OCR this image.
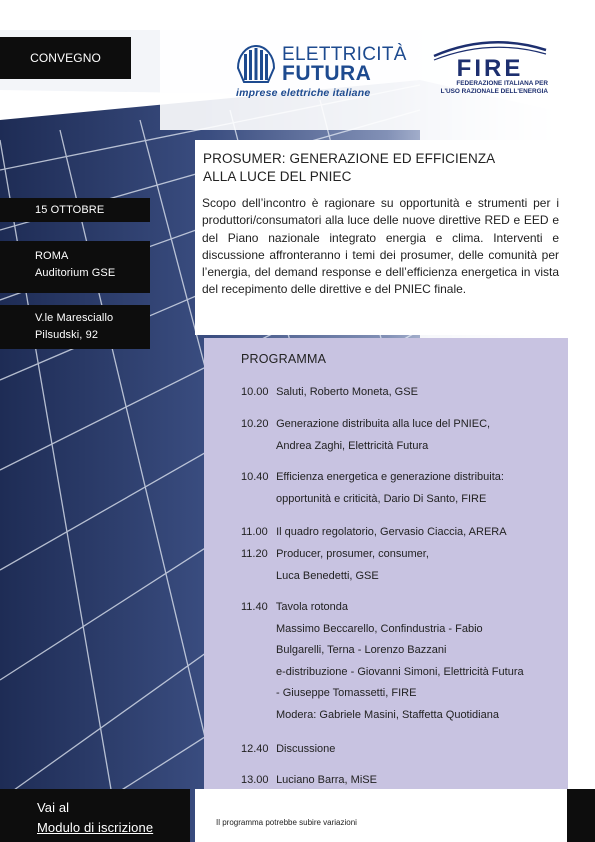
CONVEGNO
15 OTTOBRE
ROMA
Auditorium GSE
V.le Maresciallo
Pilsudski, 92
ELETTRICITÀ
FUTURA
imprese elettriche italiane
FIRE
FEDERAZIONE ITALIANA PER
L'USO RAZIONALE DELL'ENERGIA
PROSUMER: GENERAZIONE ED EFFICIENZA
ALLA LUCE DEL PNIEC
Scopo dell’incontro è ragionare su opportunità e strumenti per i produttori/consumatori alla luce delle nuove direttive RED e EED e del Piano nazionale integrato energia e clima. Interventi e discussione affronteranno i temi dei prosumer, delle comunità per l’energia, del demand response e dell’efficienza energetica in vista del recepimento delle direttive e del PNIEC finale.
PROGRAMMA
10.00 Saluti, Roberto Moneta, GSE
10.20 Generazione distribuita alla luce del PNIEC,
Andrea Zaghi, Elettricità Futura
10.40 Efficienza energetica e generazione distribuita:
opportunità e criticità, Dario Di Santo, FIRE
11.00 Il quadro regolatorio, Gervasio Ciaccia, ARERA
11.20 Producer, prosumer, consumer,
Luca Benedetti, GSE
11.40 Tavola rotonda
Massimo Beccarello, Confindustria - Fabio
Bulgarelli, Terna - Lorenzo Bazzani
e-distribuzione - Giovanni Simoni, Elettricità Futura
- Giuseppe Tomassetti, FIRE
Modera: Gabriele Masini, Staffetta Quotidiana
12.40 Discussione
13.00 Luciano Barra, MiSE
Vai al
Modulo di iscrizione	Il programma potrebbe subire variazioni
